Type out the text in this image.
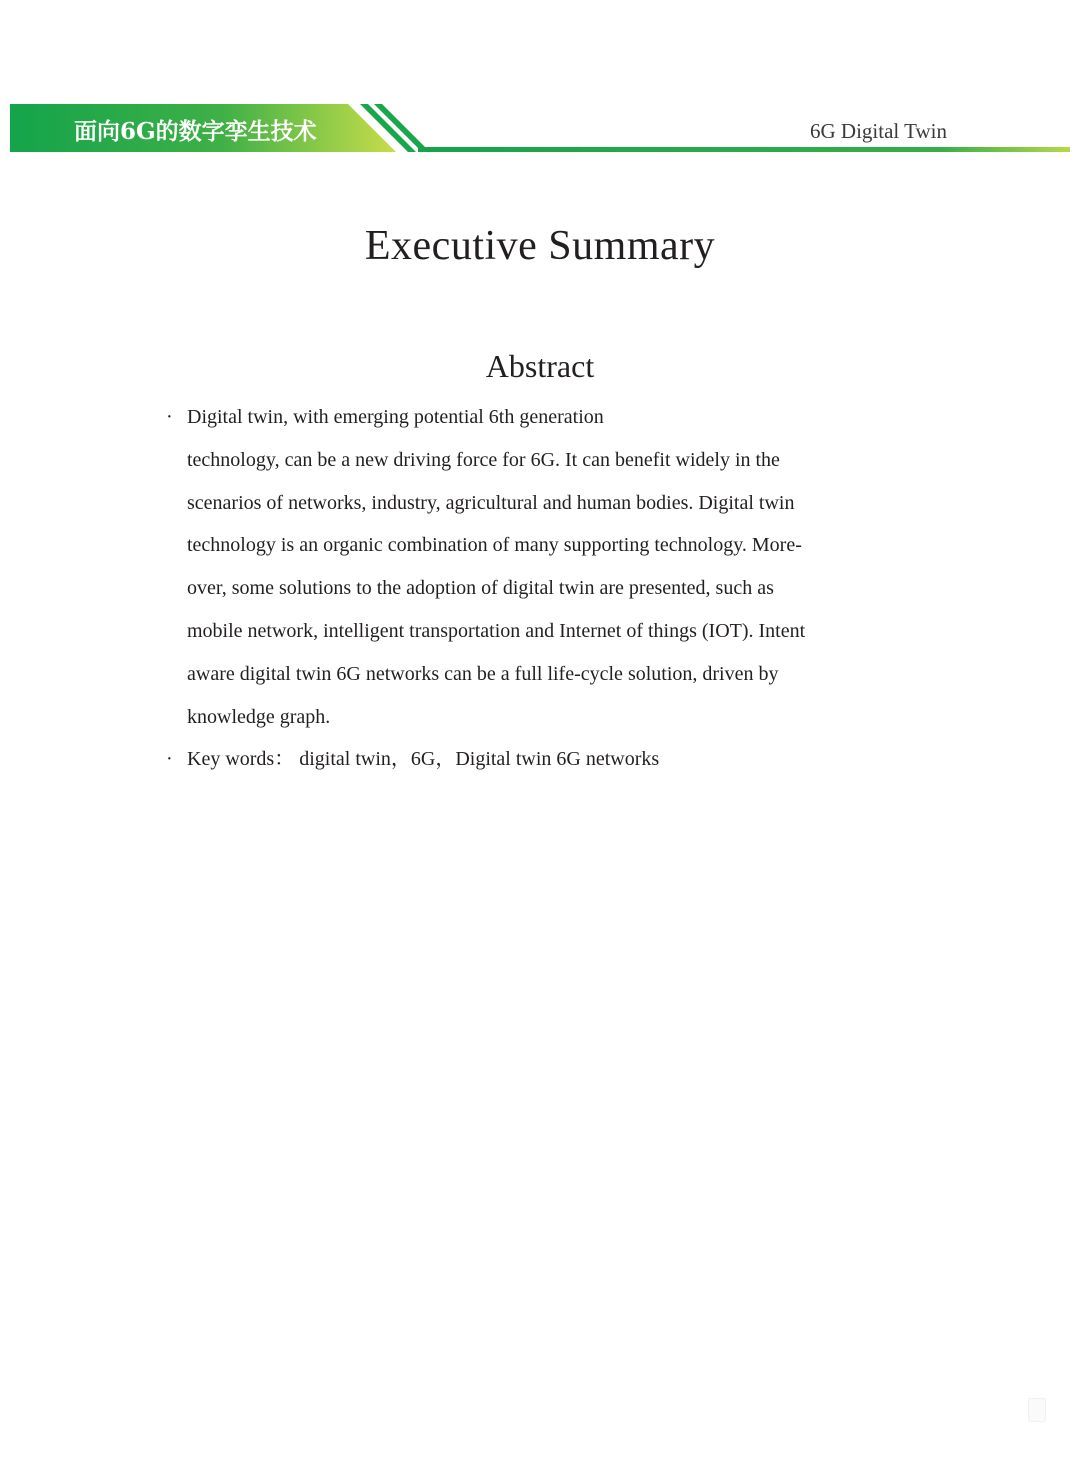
面向6G的数字孪生技术	6G Digital Twin
Executive Summary
Abstract
· Digital twin, with emerging potential 6th generation
technology, can be a new driving force for 6G. It can benefit widely in the
scenarios of networks, industry, agricultural and human bodies. Digital twin
technology is an organic combination of many supporting technology. More-
over, some solutions to the adoption of digital twin are presented, such as
mobile network, intelligent transportation and Internet of things (IOT). Intent
aware digital twin 6G networks can be a full life-cycle solution, driven by
knowledge graph.
· Key words： digital twin，6G，Digital twin 6G networks
